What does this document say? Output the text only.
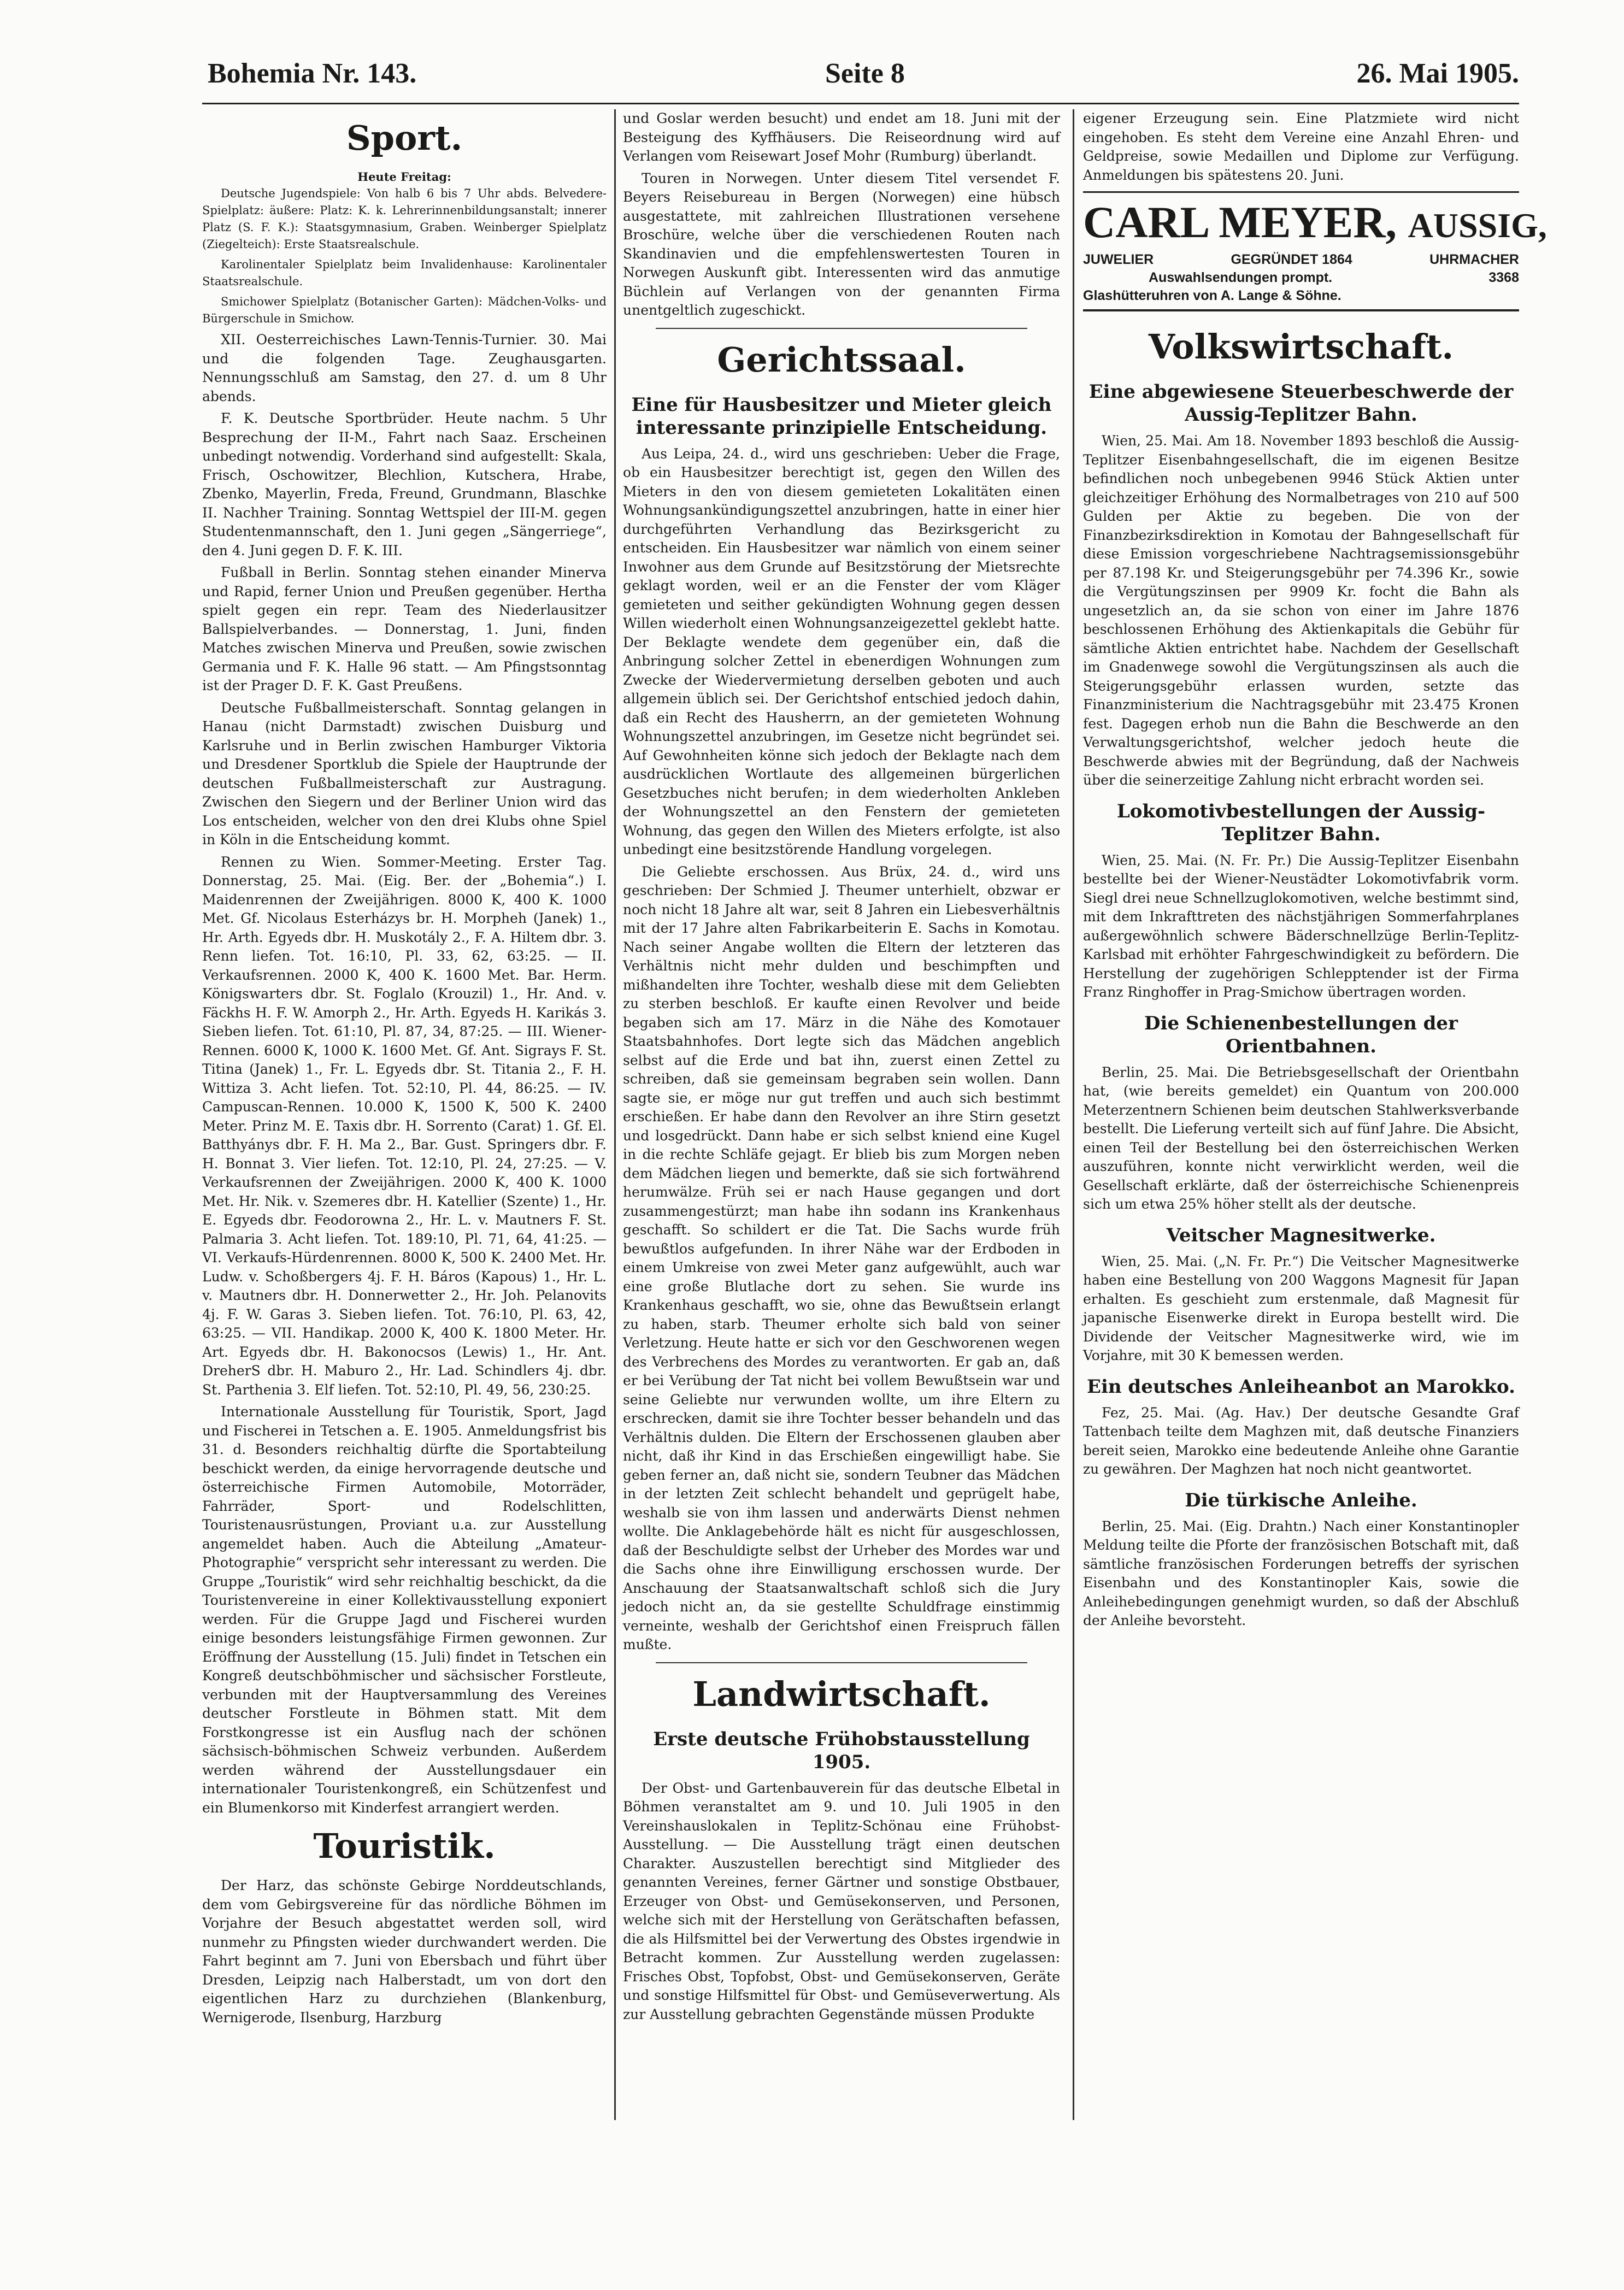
Bohemia Nr. 143.	Seite 8	26. Mai 1905.
Sport.
Heute Freitag:

Deutsche Jugendspiele: Von halb 6 bis 7 Uhr abds. Belvedere-Spielplatz: äußere: Platz: K. k. Lehrerinnenbildungsanstalt; innerer Platz (S. F. K.): Staatsgymnasium, Graben. Weinberger Spielplatz (Ziegelteich): Erste Staatsrealschule.

Karolinentaler Spielplatz beim Invalidenhause: Karolinentaler Staatsrealschule.

Smichower Spielplatz (Botanischer Garten): Mädchen-Volks- und Bürgerschule in Smichow.

XII. Oesterreichisches Lawn-Tennis-Turnier. 30. Mai und die folgenden Tage. Zeughausgarten. Nennungsschluß am Samstag, den 27. d. um 8 Uhr abends.

F. K. Deutsche Sportbrüder. Heute nachm. 5 Uhr Besprechung der II-M., Fahrt nach Saaz. Erscheinen unbedingt notwendig. Vorderhand sind aufgestellt: Skala, Frisch, Oschowitzer, Blechlion, Kutschera, Hrabe, Zbenko, Mayerlin, Freda, Freund, Grundmann, Blaschke II. Nachher Training. Sonntag Wettspiel der III-M. gegen Studentenmannschaft, den 1. Juni gegen „Sängerriege“, den 4. Juni gegen D. F. K. III.

Fußball in Berlin. Sonntag stehen einander Minerva und Rapid, ferner Union und Preußen gegenüber. Hertha spielt gegen ein repr. Team des Niederlausitzer Ballspielverbandes. — Donnerstag, 1. Juni, finden Matches zwischen Minerva und Preußen, sowie zwischen Germania und F. K. Halle 96 statt. — Am Pfingstsonntag ist der Prager D. F. K. Gast Preußens.

Deutsche Fußballmeisterschaft. Sonntag gelangen in Hanau (nicht Darmstadt) zwischen Duisburg und Karlsruhe und in Berlin zwischen Hamburger Viktoria und Dresdener Sportklub die Spiele der Hauptrunde der deutschen Fußballmeisterschaft zur Austragung. Zwischen den Siegern und der Berliner Union wird das Los entscheiden, welcher von den drei Klubs ohne Spiel in Köln in die Entscheidung kommt.

Rennen zu Wien. Sommer-Meeting. Erster Tag. Donnerstag, 25. Mai. (Eig. Ber. der „Bohemia“.) I. Maidenrennen der Zweijährigen. 8000 K, 400 K. 1000 Met. Gf. Nicolaus Esterházys br. H. Morpheh (Janek) 1., Hr. Arth. Egyeds dbr. H. Muskotály 2., F. A. Hiltem dbr. 3. Renn liefen. Tot. 16:10, Pl. 33, 62, 63:25. — II. Verkaufsrennen. 2000 K, 400 K. 1600 Met. Bar. Herm. Königswarters dbr. St. Foglalo (Krouzil) 1., Hr. And. v. Fäckhs H. F. W. Amorph 2., Hr. Arth. Egyeds H. Karikás 3. Sieben liefen. Tot. 61:10, Pl. 87, 34, 87:25. — III. Wiener-Rennen. 6000 K, 1000 K. 1600 Met. Gf. Ant. Sigrays F. St. Titina (Janek) 1., Fr. L. Egyeds dbr. St. Titania 2., F. H. Wittiza 3. Acht liefen. Tot. 52:10, Pl. 44, 86:25. — IV. Campuscan-Rennen. 10.000 K, 1500 K, 500 K. 2400 Meter. Prinz M. E. Taxis dbr. H. Sorrento (Carat) 1. Gf. El. Batthyánys dbr. F. H. Ma 2., Bar. Gust. Springers dbr. F. H. Bonnat 3. Vier liefen. Tot. 12:10, Pl. 24, 27:25. — V. Verkaufsrennen der Zweijährigen. 2000 K, 400 K. 1000 Met. Hr. Nik. v. Szemeres dbr. H. Katellier (Szente) 1., Hr. E. Egyeds dbr. Feodorowna 2., Hr. L. v. Mautners F. St. Palmaria 3. Acht liefen. Tot. 189:10, Pl. 71, 64, 41:25. — VI. Verkaufs-Hürdenrennen. 8000 K, 500 K. 2400 Met. Hr. Ludw. v. Schoßbergers 4j. F. H. Báros (Kapous) 1., Hr. L. v. Mautners dbr. H. Donnerwetter 2., Hr. Joh. Pelanovits 4j. F. W. Garas 3. Sieben liefen. Tot. 76:10, Pl. 63, 42, 63:25. — VII. Handikap. 2000 K, 400 K. 1800 Meter. Hr. Art. Egyeds dbr. H. Bakonocsos (Lewis) 1., Hr. Ant. DreherS dbr. H. Maburo 2., Hr. Lad. Schindlers 4j. dbr. St. Parthenia 3. Elf liefen. Tot. 52:10, Pl. 49, 56, 230:25.

Internationale Ausstellung für Touristik, Sport, Jagd und Fischerei in Tetschen a. E. 1905. Anmeldungsfrist bis 31. d. Besonders reichhaltig dürfte die Sportabteilung beschickt werden, da einige hervorragende deutsche und österreichische Firmen Automobile, Motorräder, Fahrräder, Sport- und Rodelschlitten, Touristenausrüstungen, Proviant u.a. zur Ausstellung angemeldet haben. Auch die Abteilung „Amateur-Photographie“ verspricht sehr interessant zu werden. Die Gruppe „Touristik“ wird sehr reichhaltig beschickt, da die Touristenvereine in einer Kollektivausstellung exponiert werden. Für die Gruppe Jagd und Fischerei wurden einige besonders leistungsfähige Firmen gewonnen. Zur Eröffnung der Ausstellung (15. Juli) findet in Tetschen ein Kongreß deutschböhmischer und sächsischer Forstleute, verbunden mit der Hauptversammlung des Vereines deutscher Forstleute in Böhmen statt. Mit dem Forstkongresse ist ein Ausflug nach der schönen sächsisch-böhmischen Schweiz verbunden. Außerdem werden während der Ausstellungsdauer ein internationaler Touristenkongreß, ein Schützenfest und ein Blumenkorso mit Kinderfest arrangiert werden.

Touristik.

Der Harz, das schönste Gebirge Norddeutschlands, dem vom Gebirgsvereine für das nördliche Böhmen im Vorjahre der Besuch abgestattet werden soll, wird nunmehr zu Pfingsten wieder durchwandert werden. Die Fahrt beginnt am 7. Juni von Ebersbach und führt über Dresden, Leipzig nach Halberstadt, um von dort den eigentlichen Harz zu durchziehen (Blankenburg, Wernigerode, Ilsenburg, Harzburg

und Goslar werden besucht) und endet am 18. Juni mit der Besteigung des Kyffhäusers. Die Reiseordnung wird auf Verlangen vom Reisewart Josef Mohr (Rumburg) überlandt.

Touren in Norwegen. Unter diesem Titel versendet F. Beyers Reisebureau in Bergen (Norwegen) eine hübsch ausgestattete, mit zahlreichen Illustrationen versehene Broschüre, welche über die verschiedenen Routen nach Skandinavien und die empfehlenswertesten Touren in Norwegen Auskunft gibt. Interessenten wird das anmutige Büchlein auf Verlangen von der genannten Firma unentgeltlich zugeschickt.

Gerichtssaal.
Eine für Hausbesitzer und Mieter gleich interessante prinzipielle Entscheidung.

Aus Leipa, 24. d., wird uns geschrieben: Ueber die Frage, ob ein Hausbesitzer berechtigt ist, gegen den Willen des Mieters in den von diesem gemieteten Lokalitäten einen Wohnungsankündigungszettel anzubringen, hatte in einer hier durchgeführten Verhandlung das Bezirksgericht zu entscheiden. Ein Hausbesitzer war nämlich von einem seiner Inwohner aus dem Grunde auf Besitzstörung der Mietsrechte geklagt worden, weil er an die Fenster der vom Kläger gemieteten und seither gekündigten Wohnung gegen dessen Willen wiederholt einen Wohnungsanzeigezettel geklebt hatte. Der Beklagte wendete dem gegenüber ein, daß die Anbringung solcher Zettel in ebenerdigen Wohnungen zum Zwecke der Wiedervermietung derselben geboten und auch allgemein üblich sei. Der Gerichtshof entschied jedoch dahin, daß ein Recht des Hausherrn, an der gemieteten Wohnung Wohnungszettel anzubringen, im Gesetze nicht begründet sei. Auf Gewohnheiten könne sich jedoch der Beklagte nach dem ausdrücklichen Wortlaute des allgemeinen bürgerlichen Gesetzbuches nicht berufen; in dem wiederholten Ankleben der Wohnungszettel an den Fenstern der gemieteten Wohnung, das gegen den Willen des Mieters erfolgte, ist also unbedingt eine besitzstörende Handlung vorgelegen.

Die Geliebte erschossen. Aus Brüx, 24. d., wird uns geschrieben: Der Schmied J. Theumer unterhielt, obzwar er noch nicht 18 Jahre alt war, seit 8 Jahren ein Liebesverhältnis mit der 17 Jahre alten Fabrikarbeiterin E. Sachs in Komotau. Nach seiner Angabe wollten die Eltern der letzteren das Verhältnis nicht mehr dulden und beschimpften und mißhandelten ihre Tochter, weshalb diese mit dem Geliebten zu sterben beschloß. Er kaufte einen Revolver und beide begaben sich am 17. März in die Nähe des Komotauer Staatsbahnhofes. Dort legte sich das Mädchen angeblich selbst auf die Erde und bat ihn, zuerst einen Zettel zu schreiben, daß sie gemeinsam begraben sein wollen. Dann sagte sie, er möge nur gut treffen und auch sich bestimmt erschießen. Er habe dann den Revolver an ihre Stirn gesetzt und losgedrückt. Dann habe er sich selbst kniend eine Kugel in die rechte Schläfe gejagt. Er blieb bis zum Morgen neben dem Mädchen liegen und bemerkte, daß sie sich fortwährend herumwälze. Früh sei er nach Hause gegangen und dort zusammengestürzt; man habe ihn sodann ins Krankenhaus geschafft. So schildert er die Tat. Die Sachs wurde früh bewußtlos aufgefunden. In ihrer Nähe war der Erdboden in einem Umkreise von zwei Meter ganz aufgewühlt, auch war eine große Blutlache dort zu sehen. Sie wurde ins Krankenhaus geschafft, wo sie, ohne das Bewußtsein erlangt zu haben, starb. Theumer erholte sich bald von seiner Verletzung. Heute hatte er sich vor den Geschworenen wegen des Verbrechens des Mordes zu verantworten. Er gab an, daß er bei Verübung der Tat nicht bei vollem Bewußtsein war und seine Geliebte nur verwunden wollte, um ihre Eltern zu erschrecken, damit sie ihre Tochter besser behandeln und das Verhältnis dulden. Die Eltern der Erschossenen glauben aber nicht, daß ihr Kind in das Erschießen eingewilligt habe. Sie geben ferner an, daß nicht sie, sondern Teubner das Mädchen in der letzten Zeit schlecht behandelt und geprügelt habe, weshalb sie von ihm lassen und anderwärts Dienst nehmen wollte. Die Anklagebehörde hält es nicht für ausgeschlossen, daß der Beschuldigte selbst der Urheber des Mordes war und die Sachs ohne ihre Einwilligung erschossen wurde. Der Anschauung der Staatsanwaltschaft schloß sich die Jury jedoch nicht an, da sie gestellte Schuldfrage einstimmig verneinte, weshalb der Gerichtshof einen Freispruch fällen mußte.

Landwirtschaft.
Erste deutsche Frühobstausstellung 1905.

Der Obst- und Gartenbauverein für das deutsche Elbetal in Böhmen veranstaltet am 9. und 10. Juli 1905 in den Vereinshauslokalen in Teplitz-Schönau eine Frühobst-Ausstellung. — Die Ausstellung trägt einen deutschen Charakter. Auszustellen berechtigt sind Mitglieder des genannten Vereines, ferner Gärtner und sonstige Obstbauer, Erzeuger von Obst- und Gemüsekonserven, und Personen, welche sich mit der Herstellung von Gerätschaften befassen, die als Hilfsmittel bei der Verwertung des Obstes irgendwie in Betracht kommen. Zur Ausstellung werden zugelassen: Frisches Obst, Topfobst, Obst- und Gemüsekonserven, Geräte und sonstige Hilfsmittel für Obst- und Gemüseverwertung. Als zur Ausstellung gebrachten Gegenstände müssen Produkte

eigener Erzeugung sein. Eine Platzmiete wird nicht eingehoben. Es steht dem Vereine eine Anzahl Ehren- und Geldpreise, sowie Medaillen und Diplome zur Verfügung. Anmeldungen bis spätestens 20. Juni.

CARL MEYER, AUSSIG,
JUWELIER	GEGRÜNDET 1864	UHRMACHER
Auswahlsendungen prompt.	3368
Glashütteruhren von A. Lange & Söhne.
Volkswirtschaft.
Eine abgewiesene Steuerbeschwerde der Aussig-Teplitzer Bahn.

Wien, 25. Mai. Am 18. November 1893 beschloß die Aussig-Teplitzer Eisenbahngesellschaft, die im eigenen Besitze befindlichen noch unbegebenen 9946 Stück Aktien unter gleichzeitiger Erhöhung des Normalbetrages von 210 auf 500 Gulden per Aktie zu begeben. Die von der Finanzbezirksdirektion in Komotau der Bahngesellschaft für diese Emission vorgeschriebene Nachtragsemissionsgebühr per 87.198 Kr. und Steigerungsgebühr per 74.396 Kr., sowie die Vergütungszinsen per 9909 Kr. focht die Bahn als ungesetzlich an, da sie schon von einer im Jahre 1876 beschlossenen Erhöhung des Aktienkapitals die Gebühr für sämtliche Aktien entrichtet habe. Nachdem der Gesellschaft im Gnadenwege sowohl die Vergütungszinsen als auch die Steigerungsgebühr erlassen wurden, setzte das Finanzministerium die Nachtragsgebühr mit 23.475 Kronen fest. Dagegen erhob nun die Bahn die Beschwerde an den Verwaltungsgerichtshof, welcher jedoch heute die Beschwerde abwies mit der Begründung, daß der Nachweis über die seinerzeitige Zahlung nicht erbracht worden sei.

Lokomotivbestellungen der Aussig-Teplitzer Bahn.

Wien, 25. Mai. (N. Fr. Pr.) Die Aussig-Teplitzer Eisenbahn bestellte bei der Wiener-Neustädter Lokomotivfabrik vorm. Siegl drei neue Schnellzuglokomotiven, welche bestimmt sind, mit dem Inkrafttreten des nächstjährigen Sommerfahrplanes außergewöhnlich schwere Bäderschnellzüge Berlin-Teplitz-Karlsbad mit erhöhter Fahrgeschwindigkeit zu befördern. Die Herstellung der zugehörigen Schlepptender ist der Firma Franz Ringhoffer in Prag-Smichow übertragen worden.

Die Schienenbestellungen der Orientbahnen.

Berlin, 25. Mai. Die Betriebsgesellschaft der Orientbahn hat, (wie bereits gemeldet) ein Quantum von 200.000 Meterzentnern Schienen beim deutschen Stahlwerksverbande bestellt. Die Lieferung verteilt sich auf fünf Jahre. Die Absicht, einen Teil der Bestellung bei den österreichischen Werken auszuführen, konnte nicht verwirklicht werden, weil die Gesellschaft erklärte, daß der österreichische Schienenpreis sich um etwa 25% höher stellt als der deutsche.

Veitscher Magnesitwerke.

Wien, 25. Mai. („N. Fr. Pr.“) Die Veitscher Magnesitwerke haben eine Bestellung von 200 Waggons Magnesit für Japan erhalten. Es geschieht zum erstenmale, daß Magnesit für japanische Eisenwerke direkt in Europa bestellt wird. Die Dividende der Veitscher Magnesitwerke wird, wie im Vorjahre, mit 30 K bemessen werden.

Ein deutsches Anleiheanbot an Marokko.

Fez, 25. Mai. (Ag. Hav.) Der deutsche Gesandte Graf Tattenbach teilte dem Maghzen mit, daß deutsche Finanziers bereit seien, Marokko eine bedeutende Anleihe ohne Garantie zu gewähren. Der Maghzen hat noch nicht geantwortet.

Die türkische Anleihe.

Berlin, 25. Mai. (Eig. Drahtn.) Nach einer Konstantinopler Meldung teilte die Pforte der französischen Botschaft mit, daß sämtliche französischen Forderungen betreffs der syrischen Eisenbahn und des Konstantinopler Kais, sowie die Anleihebedingungen genehmigt wurden, so daß der Abschluß der Anleihe bevorsteht.
